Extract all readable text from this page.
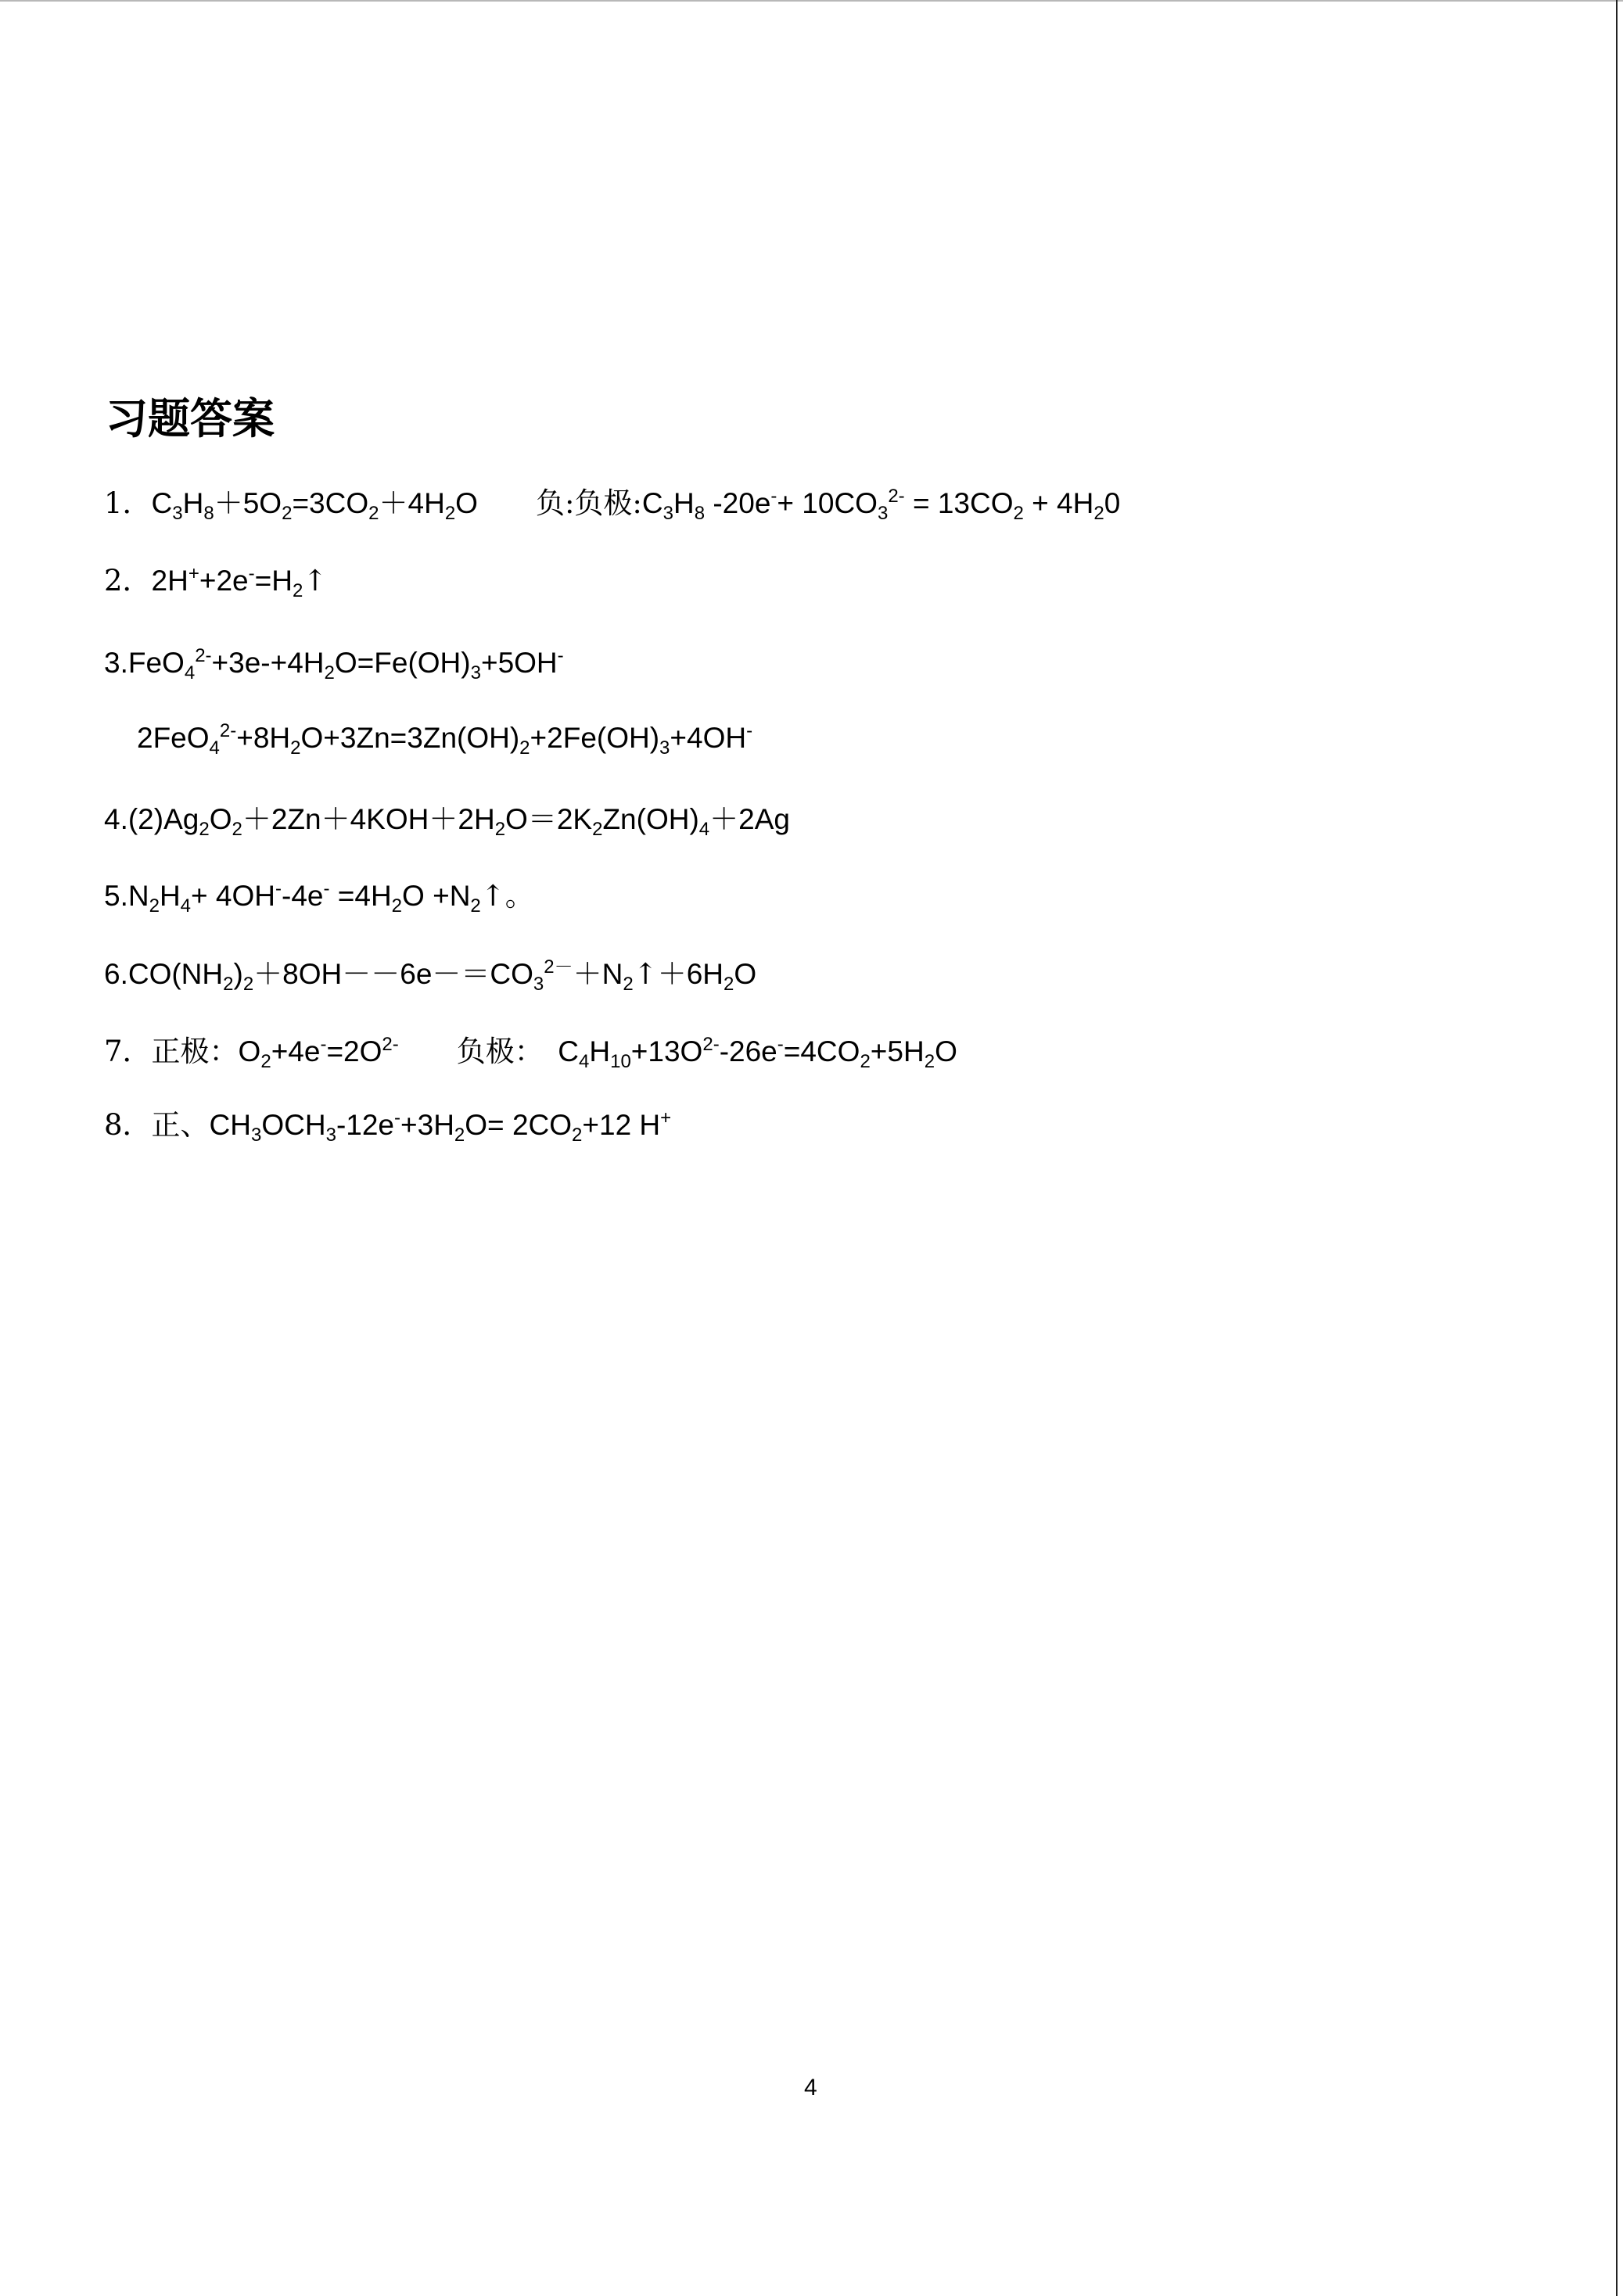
习题答案
1．$C_3H_8+5O_2=3CO_2+4H_2O$　　负:负极$:C_3H_8$ $-20e^-+ 10CO_3^{2-} = 13CO_2 + 4H_20$
2．$2H^++2e^-=H_2↑$
$3.FeO_4^{2-}+3e-+4H_2O=Fe(OH)_3+5OH^-$
$2FeO_4^{2-}+8H_2O+3Zn=3Zn(OH)_2+2Fe(OH)_3+4OH^-$
$4.(2)Ag_2O_2+2Zn+4KOH+2H_2O=2K_2Zn(OH)_4+2Ag$
$5.N_2H_4+ 4OH^--4e^- =4H_2O$ $+N_2↑$。
$6.CO(NH_2)_2+8OH--6e-=CO_3^{2-}+N_2↑+6H_2O$
7．正极：$O_2+4e^-=2O^{2-}$　　负极：　$C_4H_{10}+13O^{2-}-26e^-=4CO_2+5H_2O$
8．正、$CH_3OCH_3-12e^-+3H_2O= 2CO_2+12$ H+
4
